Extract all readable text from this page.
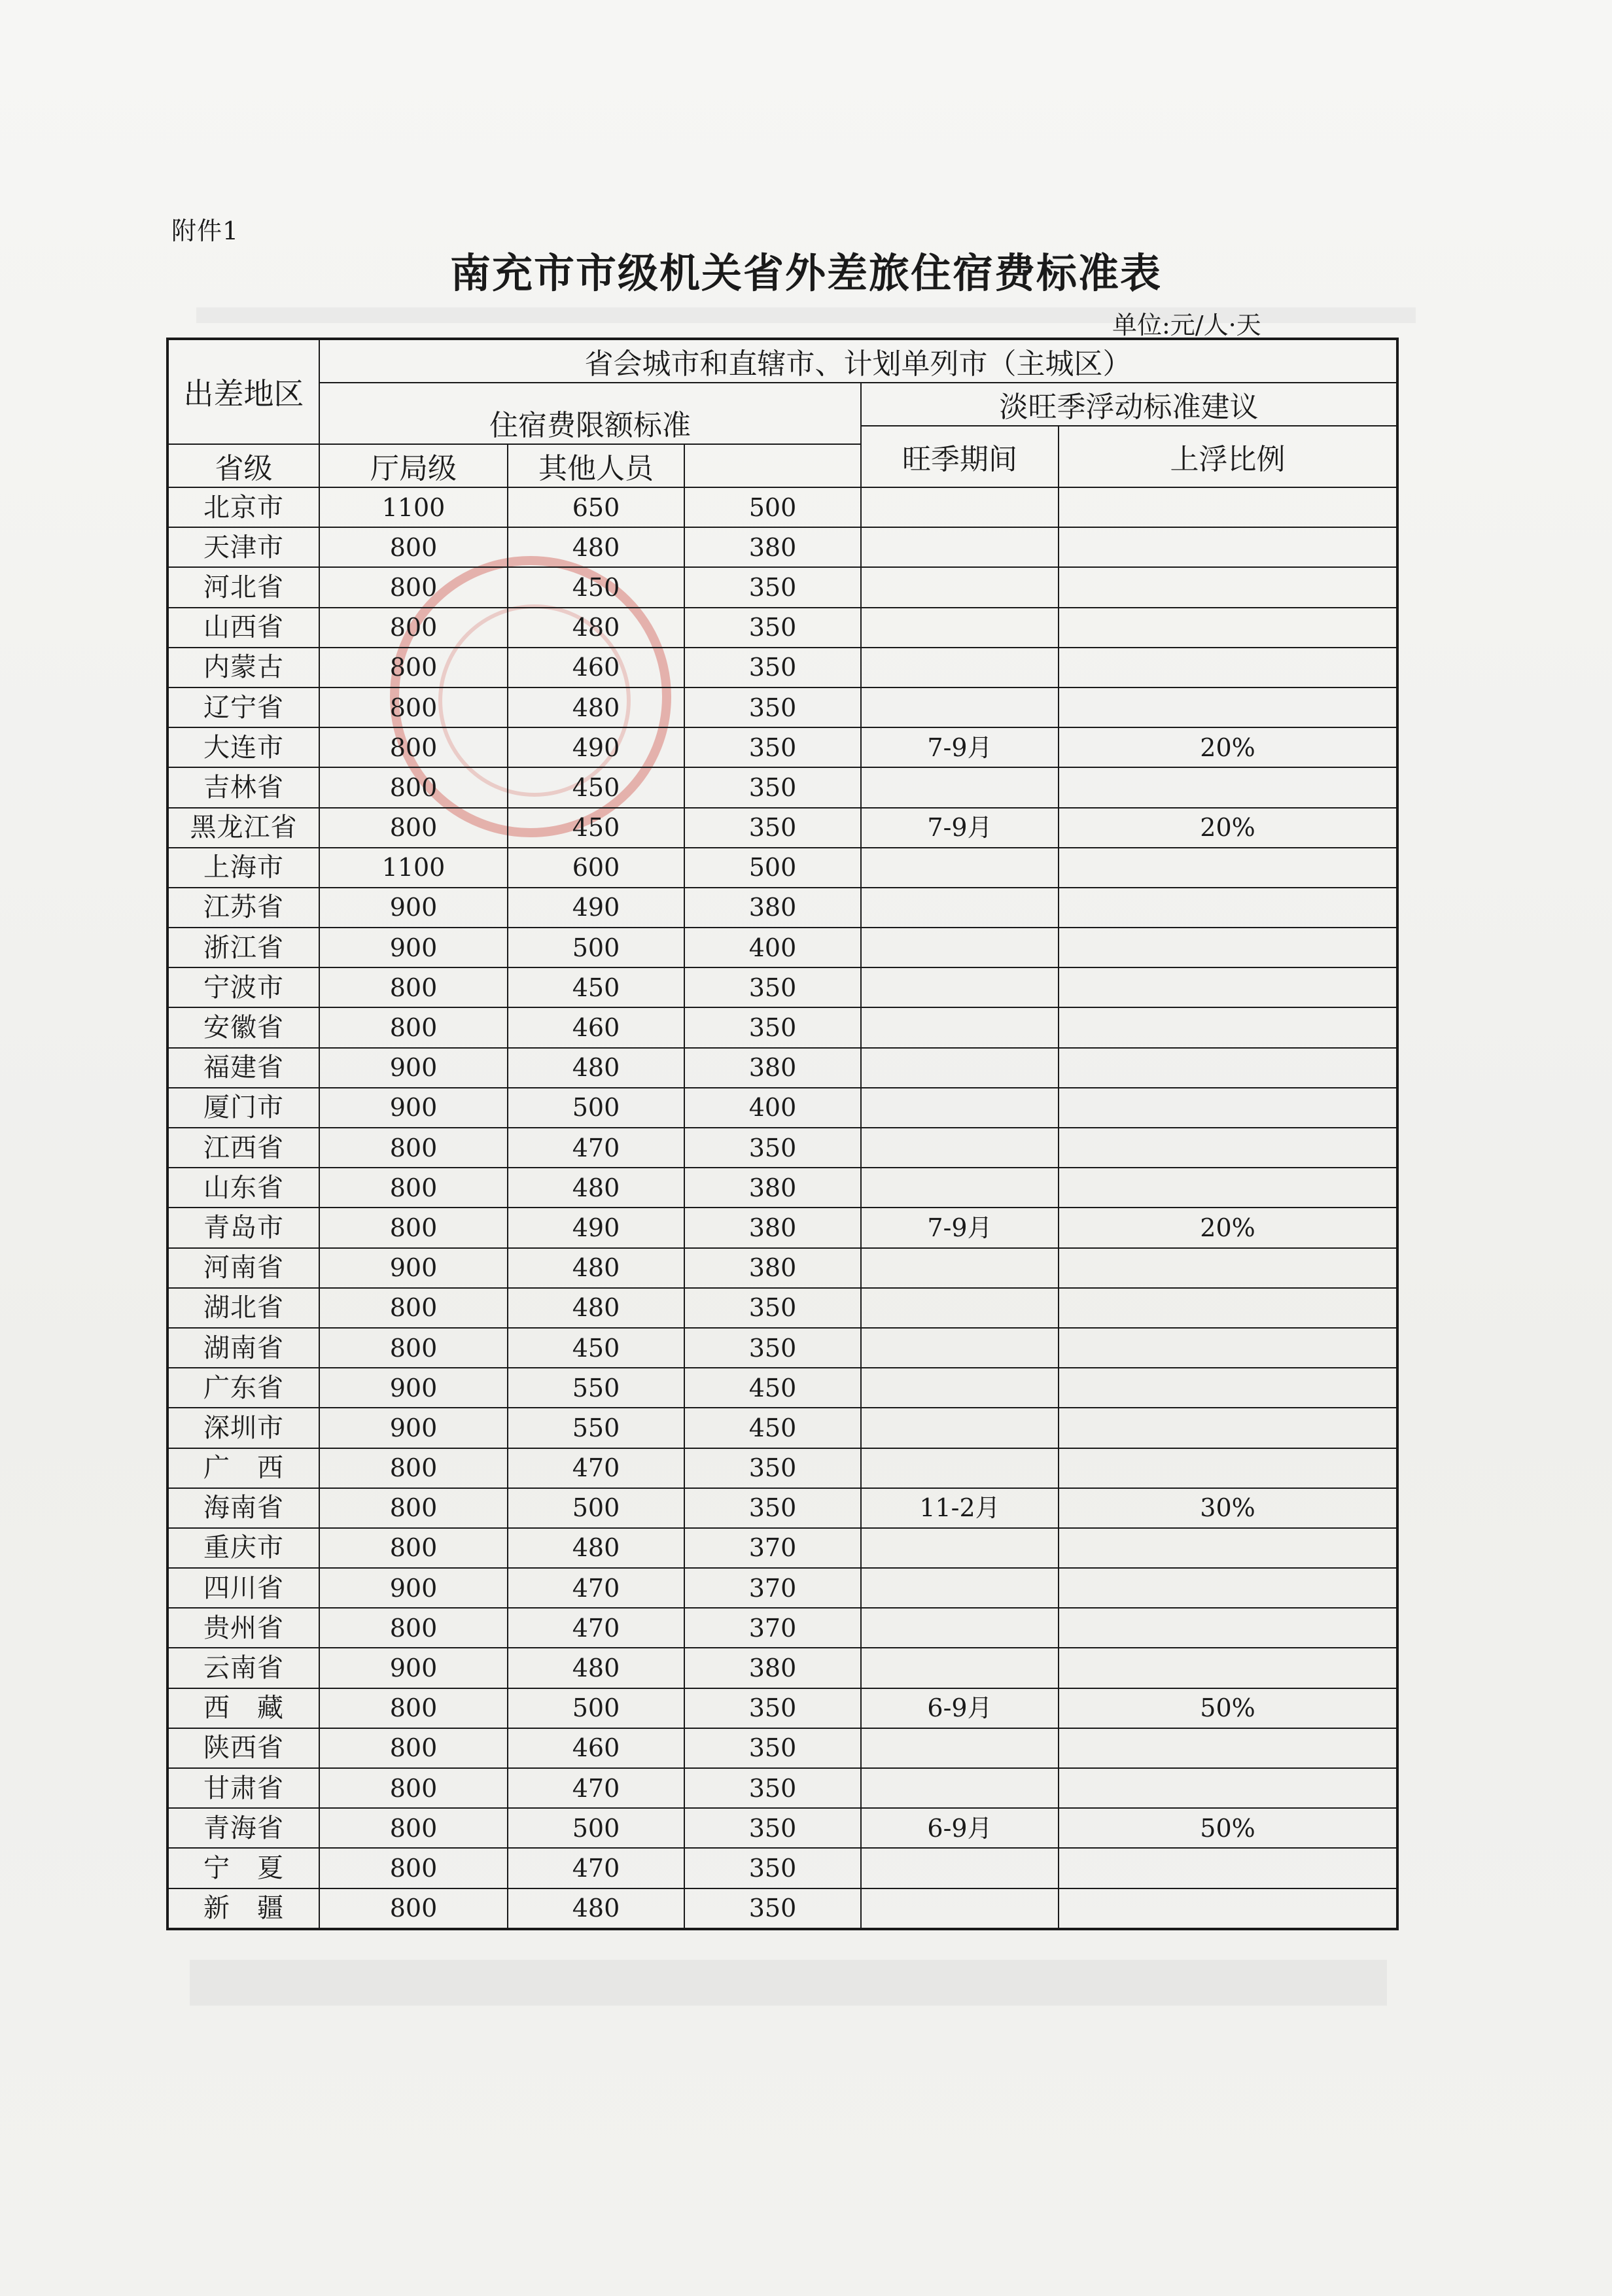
附件1
南充市市级机关省外差旅住宿费标准表
单位:元/人·天
出差地区	省会城市和直辖市、计划单列市（主城区）				
	住宿费限额标准			淡旺季浮动标准建议	
				旺季期间	上浮比例
省级	厅局级	其他人员			
北京市	1100	650	500		
天津市	800	480	380		
河北省	800	450	350		
山西省	800	480	350		
内蒙古	800	460	350		
辽宁省	800	480	350		
大连市	800	490	350	7-9月	20%
吉林省	800	450	350		
黑龙江省	800	450	350	7-9月	20%
上海市	1100	600	500		
江苏省	900	490	380		
浙江省	900	500	400		
宁波市	800	450	350		
安徽省	800	460	350		
福建省	900	480	380		
厦门市	900	500	400		
江西省	800	470	350		
山东省	800	480	380		
青岛市	800	490	380	7-9月	20%
河南省	900	480	380		
湖北省	800	480	350		
湖南省	800	450	350		
广东省	900	550	450		
深圳市	900	550	450		
广　西	800	470	350		
海南省	800	500	350	11-2月	30%
重庆市	800	480	370		
四川省	900	470	370		
贵州省	800	470	370		
云南省	900	480	380		
西　藏	800	500	350	6-9月	50%
陕西省	800	460	350		
甘肃省	800	470	350		
青海省	800	500	350	6-9月	50%
宁　夏	800	470	350		
新　疆	800	480	350		
